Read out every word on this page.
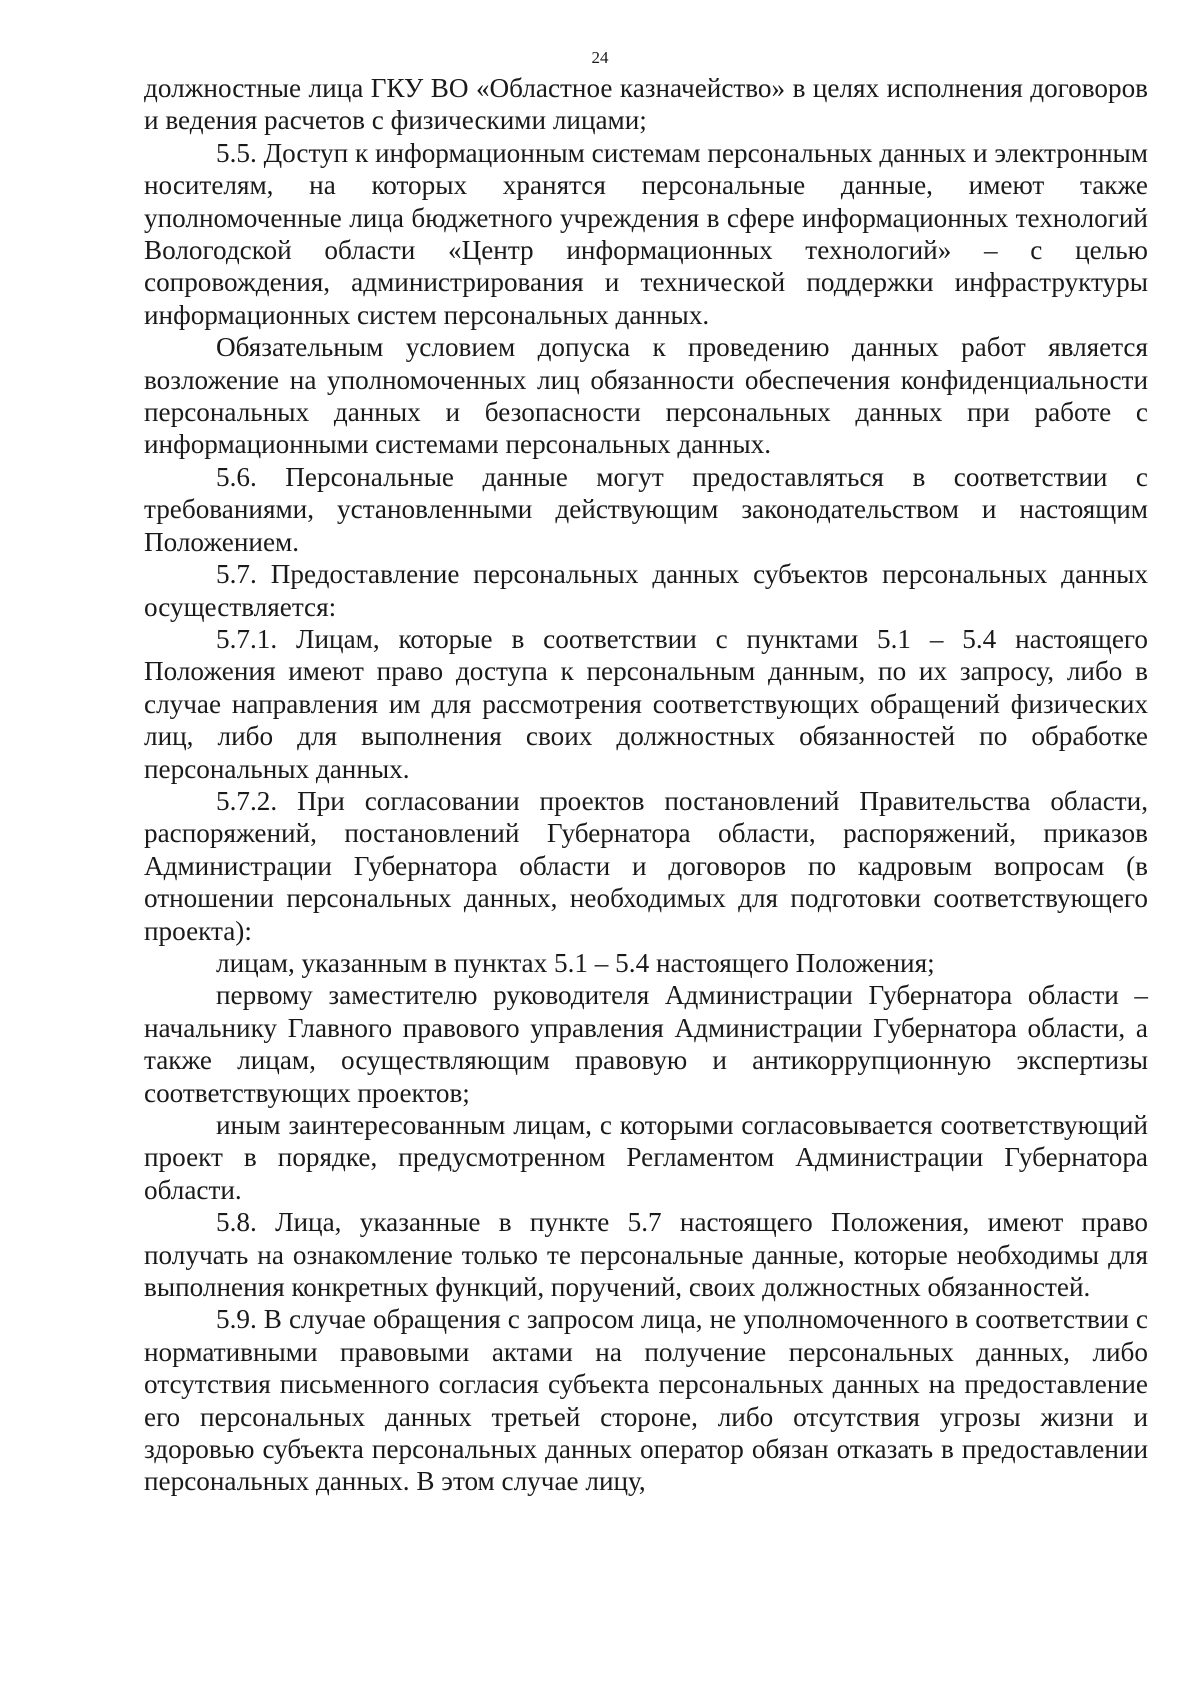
24

должностные лица ГКУ ВО «Областное казначейство» в целях исполнения договоров и ведения расчетов с физическими лицами;

5.5. Доступ к информационным системам персональных данных и электронным носителям, на которых хранятся персональные данные, имеют также уполномоченные лица бюджетного учреждения в сфере информационных технологий Вологодской области «Центр информационных технологий» – с целью сопровождения, администрирования и технической поддержки инфраструктуры информационных систем персональных данных.

Обязательным условием допуска к проведению данных работ является возложение на уполномоченных лиц обязанности обеспечения конфиденциальности персональных данных и безопасности персональных данных при работе с информационными системами персональных данных.

5.6. Персональные данные могут предоставляться в соответствии с требованиями, установленными действующим законодательством и настоящим Положением.

5.7. Предоставление персональных данных субъектов персональных данных осуществляется:

5.7.1. Лицам, которые в соответствии с пунктами 5.1 – 5.4 настоящего Положения имеют право доступа к персональным данным, по их запросу, либо в случае направления им для рассмотрения соответствующих обращений физических лиц, либо для выполнения своих должностных обязанностей по обработке персональных данных.

5.7.2. При согласовании проектов постановлений Правительства области, распоряжений, постановлений Губернатора области, распоряжений, приказов Администрации Губернатора области и договоров по кадровым вопросам (в отношении персональных данных, необходимых для подготовки соответствующего проекта):

лицам, указанным в пунктах 5.1 – 5.4 настоящего Положения;

первому заместителю руководителя Администрации Губернатора области – начальнику Главного правового управления Администрации Губернатора области, а также лицам, осуществляющим правовую и антикоррупционную экспертизы соответствующих проектов;

иным заинтересованным лицам, с которыми согласовывается соответствующий проект в порядке, предусмотренном Регламентом Администрации Губернатора области.

5.8. Лица, указанные в пункте 5.7 настоящего Положения, имеют право получать на ознакомление только те персональные данные, которые необходимы для выполнения конкретных функций, поручений, своих должностных обязанностей.

5.9. В случае обращения с запросом лица, не уполномоченного в соответствии с нормативными правовыми актами на получение персональных данных, либо отсутствия письменного согласия субъекта персональных данных на предоставление его персональных данных третьей стороне, либо отсутствия угрозы жизни и здоровью субъекта персональных данных оператор обязан отказать в предоставлении персональных данных. В этом случае лицу,
